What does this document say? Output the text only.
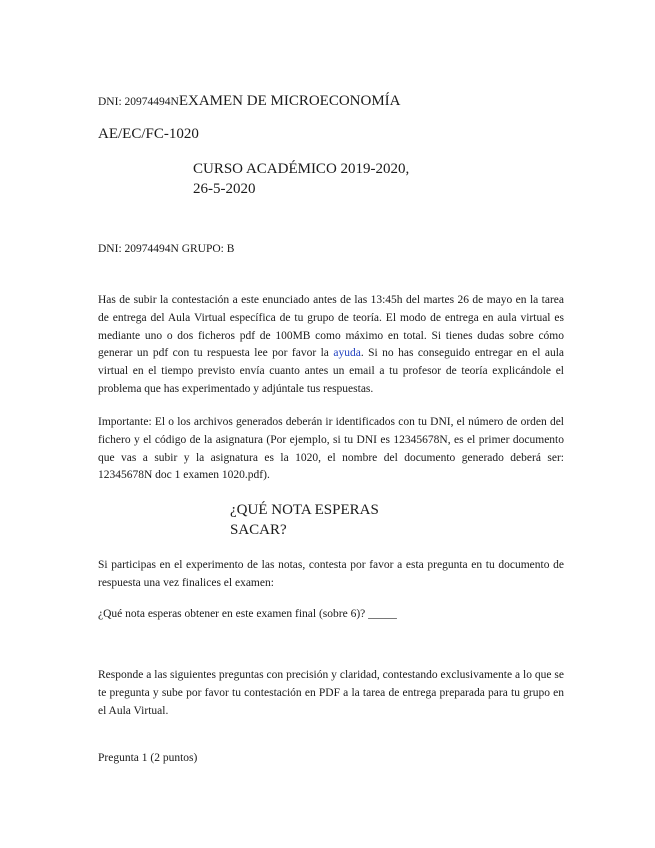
DNI: 20974494NEXAMEN DE MICROECONOMÍA
AE/EC/FC-1020
CURSO ACADÉMICO 2019-2020,
26-5-2020
DNI: 20974494N GRUPO: B
Has de subir la contestación a este enunciado antes de las 13:45h del martes 26 de mayo en la tarea de entrega del Aula Virtual específica de tu grupo de teoría. El modo de entrega en aula virtual es mediante uno o dos ficheros pdf de 100MB como máximo en total. Si tienes dudas sobre cómo generar un pdf con tu respuesta lee por favor la ayuda. Si no has conseguido entregar en el aula virtual en el tiempo previsto envía cuanto antes un email a tu profesor de teoría explicándole el problema que has experimentado y adjúntale tus respuestas.
Importante: El o los archivos generados deberán ir identificados con tu DNI, el número de orden del fichero y el código de la asignatura (Por ejemplo, si tu DNI es 12345678N, es el primer documento que vas a subir y la asignatura es la 1020, el nombre del documento generado deberá ser: 12345678N doc 1 examen 1020.pdf).
¿QUÉ NOTA ESPERAS SACAR?
Si participas en el experimento de las notas, contesta por favor a esta pregunta en tu documento de respuesta una vez finalices el examen:
¿Qué nota esperas obtener en este examen final (sobre 6)? _____
Responde a las siguientes preguntas con precisión y claridad, contestando exclusivamente a lo que se te pregunta y sube por favor tu contestación en PDF a la tarea de entrega preparada para tu grupo en el Aula Virtual.
Pregunta 1 (2 puntos)
